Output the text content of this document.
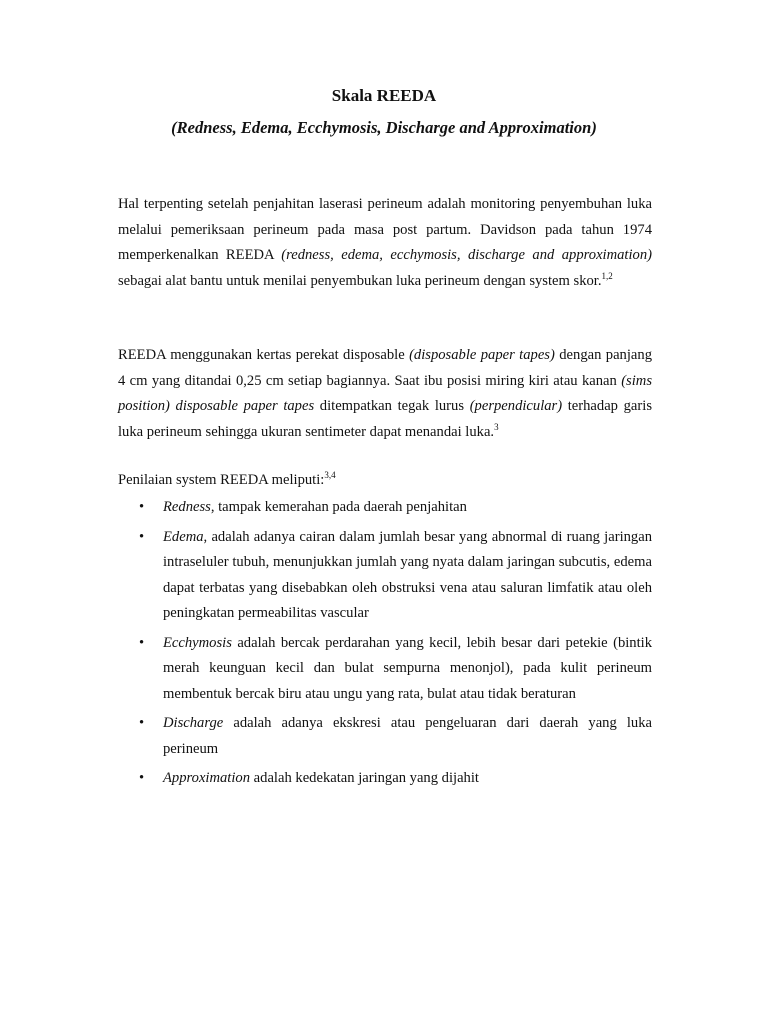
Skala REEDA
(Redness, Edema, Ecchymosis, Discharge and Approximation)

Hal terpenting setelah penjahitan laserasi perineum adalah monitoring penyembuhan luka melalui pemeriksaan perineum pada masa post partum. Davidson pada tahun 1974 memperkenalkan REEDA (redness, edema, ecchymosis, discharge and approximation) sebagai alat bantu untuk menilai penyembukan luka perineum dengan system skor.$^{1,2}$

REEDA menggunakan kertas perekat disposable (disposable paper tapes) dengan panjang 4 cm yang ditandai 0,25 cm setiap bagiannya. Saat ibu posisi miring kiri atau kanan (sims position) disposable paper tapes ditempatkan tegak lurus (perpendicular) terhadap garis luka perineum sehingga ukuran sentimeter dapat menandai luka.$^3$

Penilaian system REEDA meliputi:$^{3,4}$

• Redness, tampak kemerahan pada daerah penjahitan
• Edema, adalah adanya cairan dalam jumlah besar yang abnormal di ruang jaringan intraseluler tubuh, menunjukkan jumlah yang nyata dalam jaringan subcutis, edema dapat terbatas yang disebabkan oleh obstruksi vena atau saluran limfatik atau oleh peningkatan permeabilitas vascular
• Ecchymosis adalah bercak perdarahan yang kecil, lebih besar dari petekie (bintik merah keunguan kecil dan bulat sempurna menonjol), pada kulit perineum membentuk bercak biru atau ungu yang rata, bulat atau tidak beraturan
• Discharge adalah adanya ekskresi atau pengeluaran dari daerah yang luka perineum
• Approximation adalah kedekatan jaringan yang dijahit
